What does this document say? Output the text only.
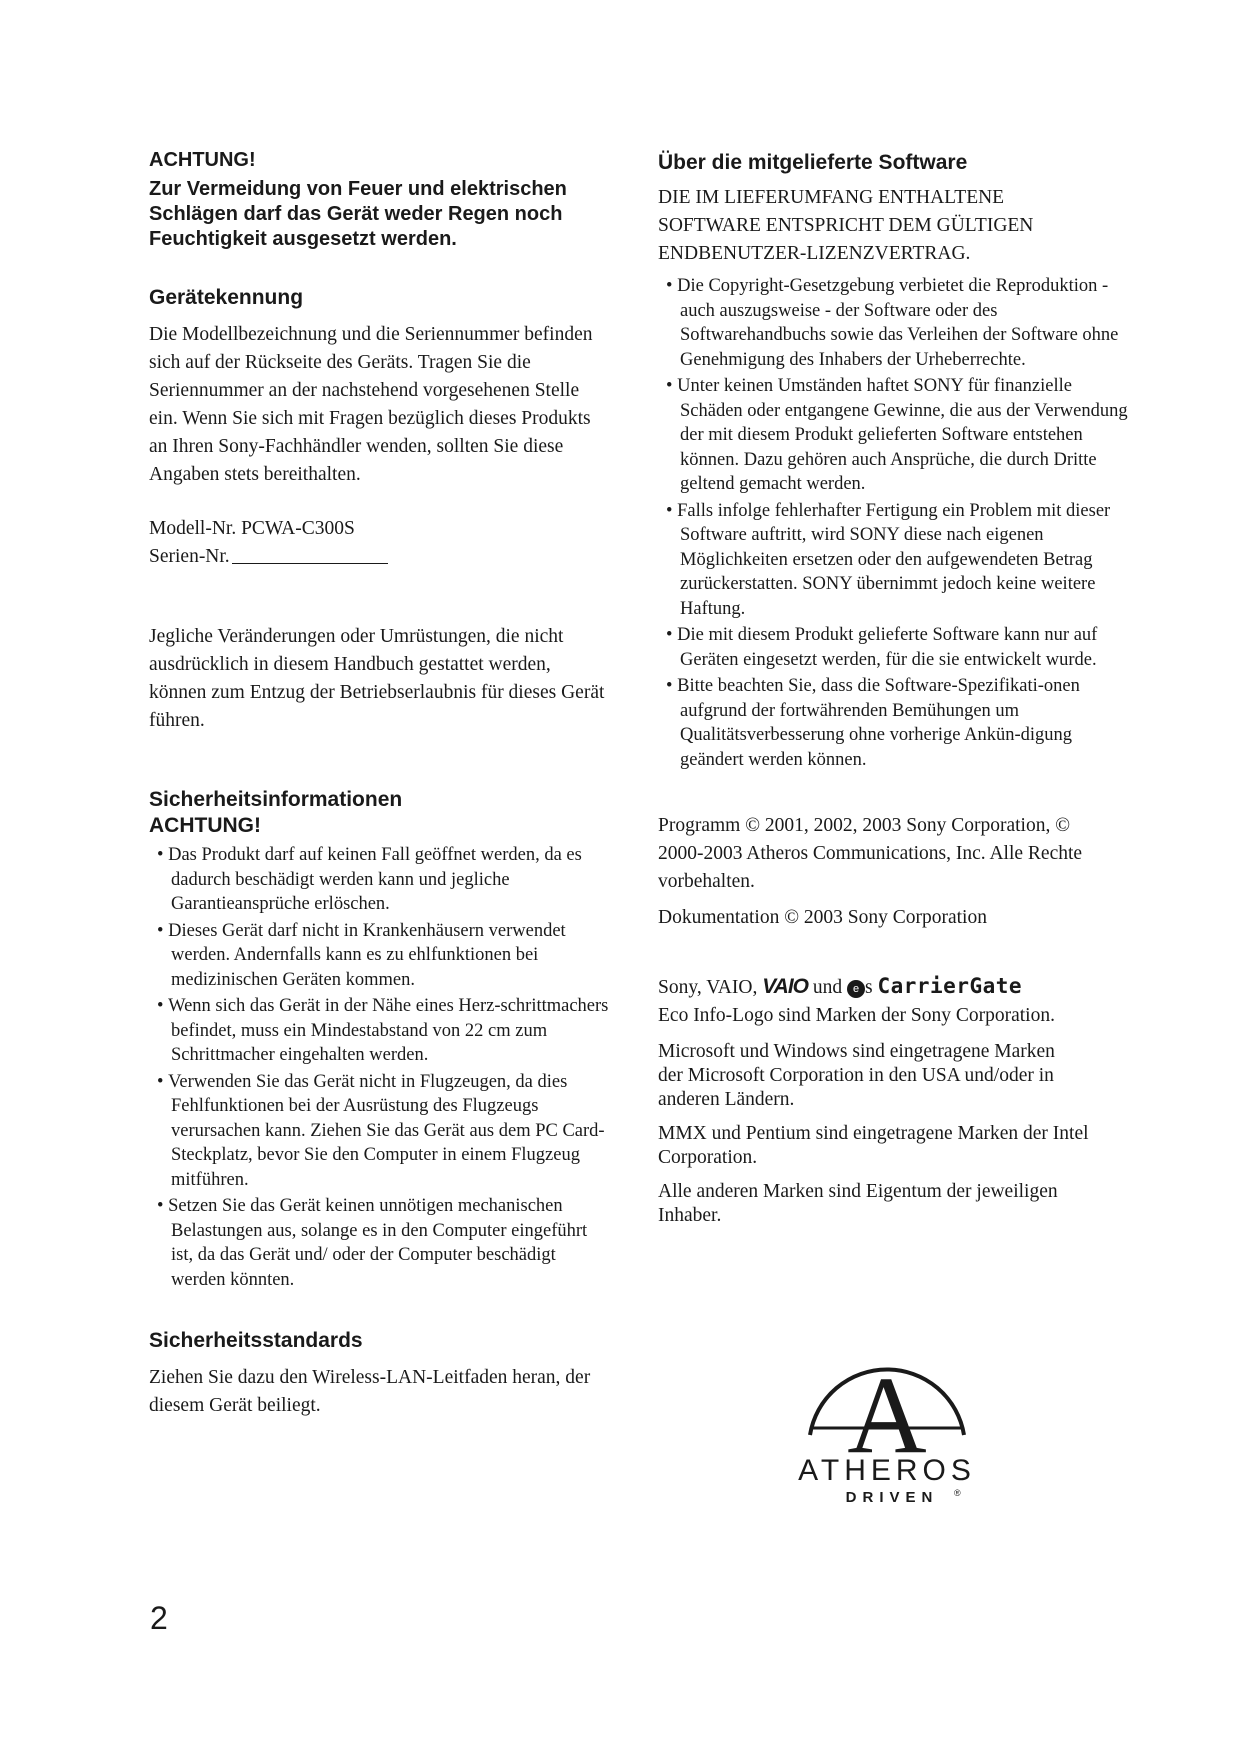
ACHTUNG!
Zur Vermeidung von Feuer und elektrischen Schlägen darf das Gerät weder Regen noch Feuchtigkeit ausgesetzt werden.
Gerätekennung

Die Modellbezeichnung und die Seriennummer befinden sich auf der Rückseite des Geräts. Tragen Sie die Seriennummer an der nachstehend vorgesehenen Stelle ein. Wenn Sie sich mit Fragen bezüglich dieses Produkts an Ihren Sony-Fachhändler wenden, sollten Sie diese Angaben stets bereithalten.

Modell-Nr. PCWA-C300S
Serien-Nr.

Jegliche Veränderungen oder Umrüstungen, die nicht ausdrücklich in diesem Handbuch gestattet werden, können zum Entzug der Betriebserlaubnis für dieses Gerät führen.

Sicherheitsinformationen
ACHTUNG!
• Das Produkt darf auf keinen Fall geöffnet werden, da es dadurch beschädigt werden kann und jegliche Garantieansprüche erlöschen.
• Dieses Gerät darf nicht in Krankenhäusern verwendet werden. Andernfalls kann es zu ehlfunktionen bei medizinischen Geräten kommen.
• Wenn sich das Gerät in der Nähe eines Herz-schrittmachers befindet, muss ein Mindestabstand von 22 cm zum Schrittmacher eingehalten werden.
• Verwenden Sie das Gerät nicht in Flugzeugen, da dies Fehlfunktionen bei der Ausrüstung des Flugzeugs verursachen kann. Ziehen Sie das Gerät aus dem PC Card-Steckplatz, bevor Sie den Computer in einem Flugzeug mitführen.
• Setzen Sie das Gerät keinen unnötigen mechanischen Belastungen aus, solange es in den Computer eingeführt ist, da das Gerät und/ oder der Computer beschädigt werden könnten.
Sicherheitsstandards

Ziehen Sie dazu den Wireless-LAN-Leitfaden heran, der diesem Gerät beiliegt.

Über die mitgelieferte Software
DIE IM LIEFERUMFANG ENTHALTENE SOFTWARE ENTSPRICHT DEM GÜLTIGEN ENDBENUTZER-LIZENZVERTRAG.
• Die Copyright-Gesetzgebung verbietet die Reproduktion - auch auszugsweise - der Software oder des Softwarehandbuchs sowie das Verleihen der Software ohne Genehmigung des Inhabers der Urheberrechte.
• Unter keinen Umständen haftet SONY für finanzielle Schäden oder entgangene Gewinne, die aus der Verwendung der mit diesem Produkt gelieferten Software entstehen können. Dazu gehören auch Ansprüche, die durch Dritte geltend gemacht werden.
• Falls infolge fehlerhafter Fertigung ein Problem mit dieser Software auftritt, wird SONY diese nach eigenen Möglichkeiten ersetzen oder den aufgewendeten Betrag zurückerstatten. SONY übernimmt jedoch keine weitere Haftung.
• Die mit diesem Produkt gelieferte Software kann nur auf Geräten eingesetzt werden, für die sie entwickelt wurde.
• Bitte beachten Sie, dass die Software-Spezifikati-onen aufgrund der fortwährenden Bemühungen um Qualitätsverbesserung ohne vorherige Ankün-digung geändert werden können.

Programm © 2001, 2002, 2003 Sony Corporation, © 2000-2003 Atheros Communications, Inc. Alle Rechte vorbehalten.

Dokumentation © 2003 Sony Corporation

Sony, VAIO, VAIO und e s CarrierGate
Eco Info-Logo sind Marken der Sony Corporation.

Microsoft und Windows sind eingetragene Marken der Microsoft Corporation in den USA und/oder in anderen Ländern.

MMX und Pentium sind eingetragene Marken der Intel Corporation.

Alle anderen Marken sind Eigentum der jeweiligen Inhaber.

A
ATHEROS
DRIVEN ®
2
